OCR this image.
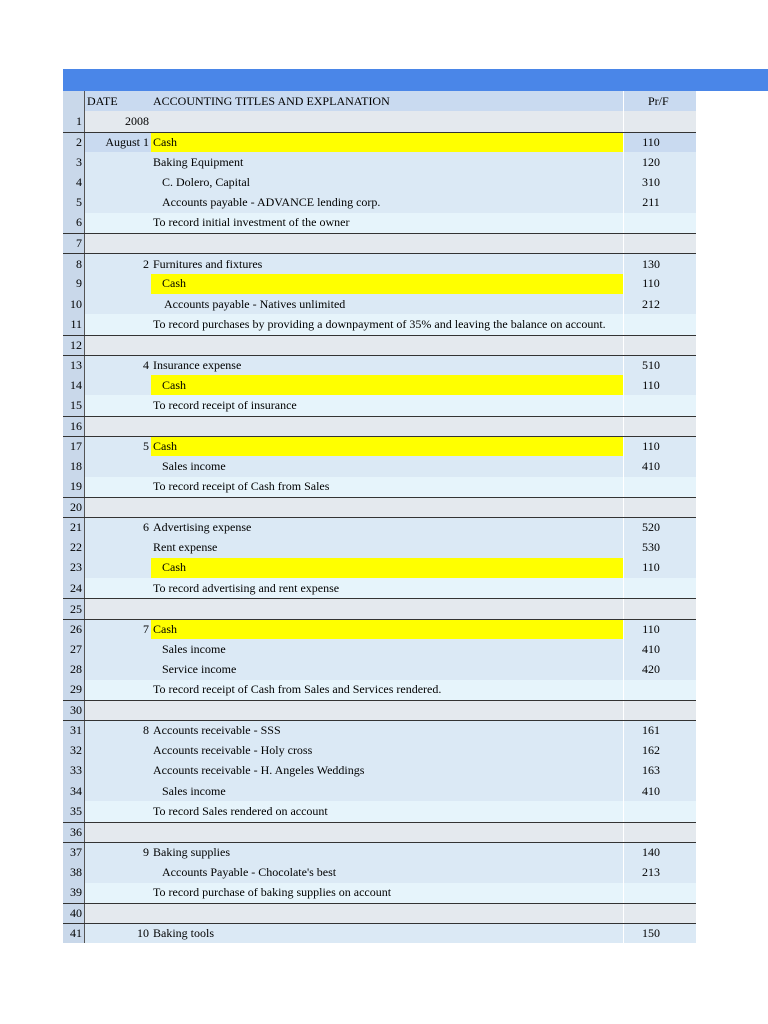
DATE	ACCOUNTING TITLES AND EXPLANATION	Pr/F
1	2008
2	August 1 Cash	110
3	Baking Equipment	120
4	C. Dolero, Capital	310
5	Accounts payable - ADVANCE lending corp.	211
6	To record initial investment of the owner
7
8	2 Furnitures and fixtures	130
9	Cash	110
10	Accounts payable - Natives unlimited	212
11	To record purchases by providing a downpayment of 35% and leaving the balance on account.
12
13	4 Insurance expense	510
14	Cash	110
15	To record receipt of insurance
16
17	5 Cash	110
18	Sales income	410
19	To record receipt of Cash from Sales
20
21	6 Advertising expense	520
22	Rent expense	530
23	Cash	110
24	To record advertising and rent expense
25
26	7 Cash	110
27	Sales income	410
28	Service income	420
29	To record receipt of Cash from Sales and Services rendered.
30
31	8 Accounts receivable - SSS	161
32	Accounts receivable - Holy cross	162
33	Accounts receivable - H. Angeles Weddings	163
34	Sales income	410
35	To record Sales rendered on account
36
37	9 Baking supplies	140
38	Accounts Payable - Chocolate's best	213
39	To record purchase of baking supplies on account
40
41	10 Baking tools	150
